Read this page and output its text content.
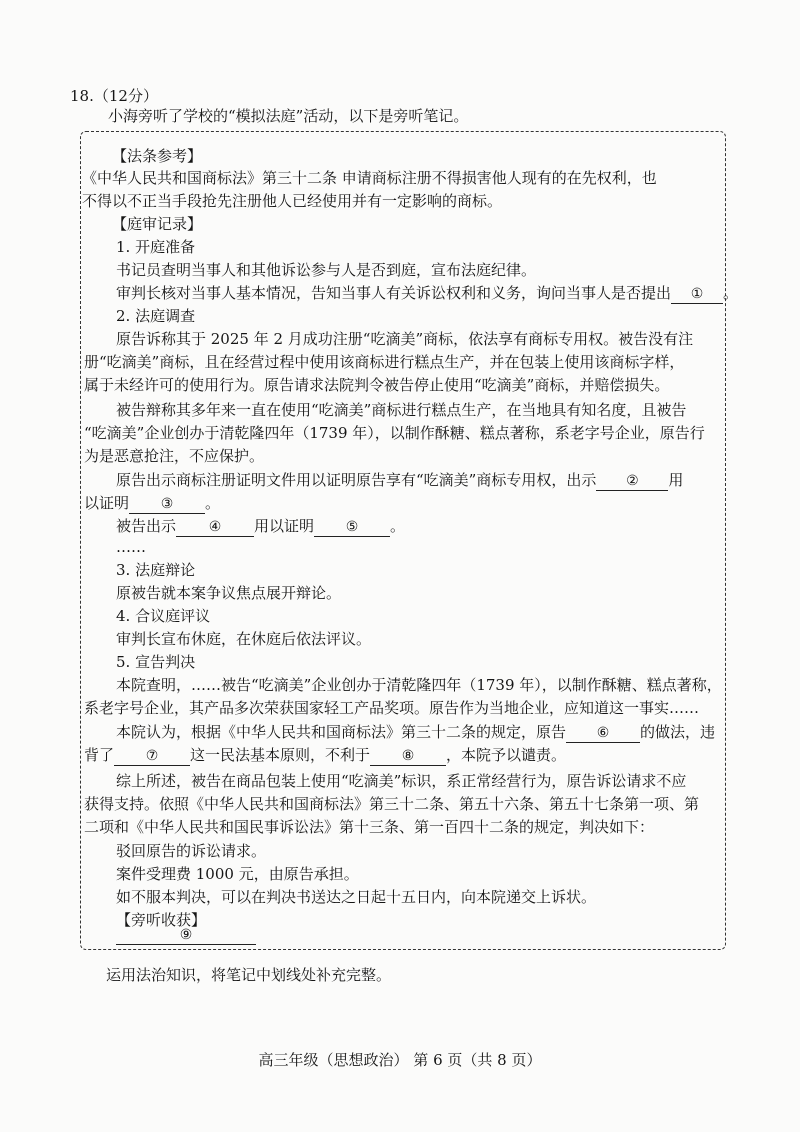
18.（12分）
小海旁听了学校的“模拟法庭”活动，以下是旁听笔记。
【法条参考】
《中华人民共和国商标法》第三十二条 申请商标注册不得损害他人现有的在先权利，也
不得以不正当手段抢先注册他人已经使用并有一定影响的商标。
【庭审记录】
1. 开庭准备
书记员查明当事人和其他诉讼参与人是否到庭，宣布法庭纪律。
审判长核对当事人基本情况，告知当事人有关诉讼权利和义务，询问当事人是否提出 ① 。
2. 法庭调查
原告诉称其于 2025 年 2 月成功注册“吃滴美”商标，依法享有商标专用权。被告没有注
册“吃滴美”商标，且在经营过程中使用该商标进行糕点生产，并在包装上使用该商标字样，
属于未经许可的使用行为。原告请求法院判令被告停止使用“吃滴美”商标，并赔偿损失。
被告辩称其多年来一直在使用“吃滴美”商标进行糕点生产，在当地具有知名度，且被告
“吃滴美”企业创办于清乾隆四年（1739 年），以制作酥糖、糕点著称，系老字号企业，原告行
为是恶意抢注，不应保护。
原告出示商标注册证明文件用以证明原告享有“吃滴美”商标专用权，出示 ② 用
以证明 ③ 。
被告出示 ④ 用以证明 ⑤ 。
……
3. 法庭辩论
原被告就本案争议焦点展开辩论。
4. 合议庭评议
审判长宣布休庭，在休庭后依法评议。
5. 宣告判决
本院查明，……被告“吃滴美”企业创办于清乾隆四年（1739 年），以制作酥糖、糕点著称，
系老字号企业，其产品多次荣获国家轻工产品奖项。原告作为当地企业，应知道这一事实……
本院认为，根据《中华人民共和国商标法》第三十二条的规定，原告 ⑥ 的做法，违
背了 ⑦ 这一民法基本原则，不利于 ⑧ ，本院予以谴责。
综上所述，被告在商品包装上使用“吃滴美”标识，系正常经营行为，原告诉讼请求不应
获得支持。依照《中华人民共和国商标法》第三十二条、第五十六条、第五十七条第一项、第
二项和《中华人民共和国民事诉讼法》第十三条、第一百四十二条的规定，判决如下：
驳回原告的诉讼请求。
案件受理费 1000 元，由原告承担。
如不服本判决，可以在判决书送达之日起十五日内，向本院递交上诉状。
【旁听收获】
⑨
运用法治知识，将笔记中划线处补充完整。
高三年级（思想政治） 第 6 页（共 8 页）
